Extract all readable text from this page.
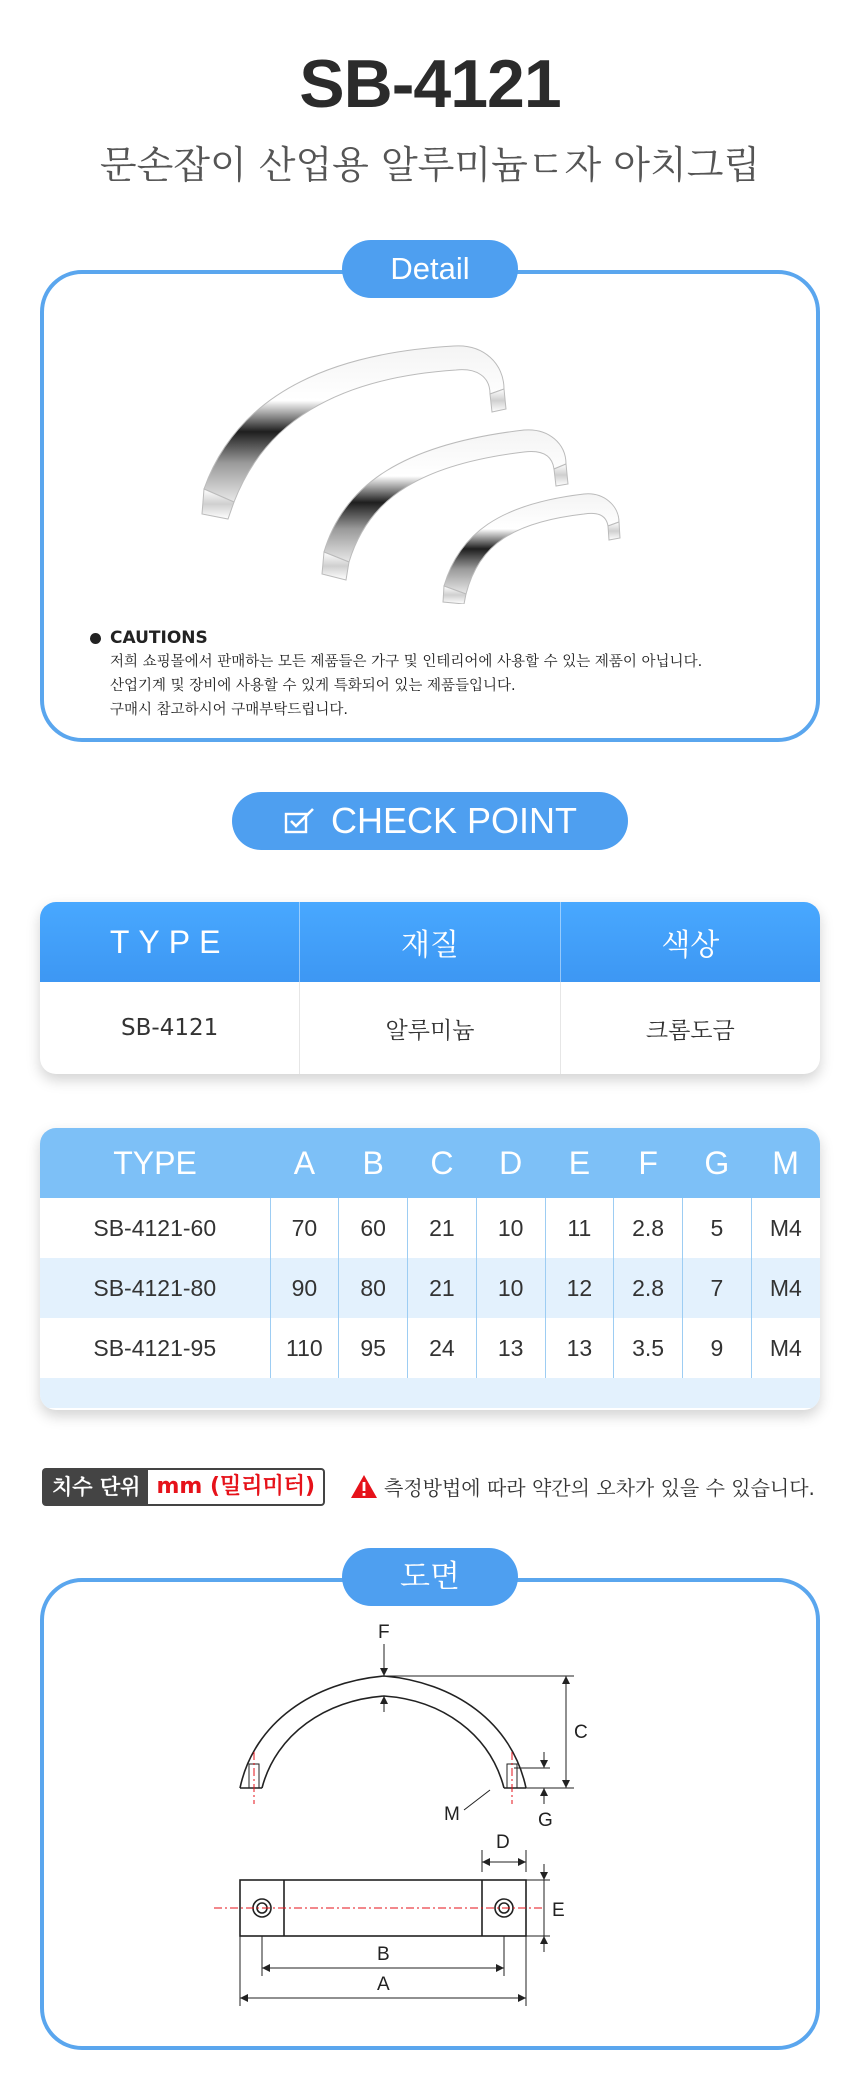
SB-4121
문손잡이 산업용 알루미늄ㄷ자 아치그립
CAUTIONS
저희 쇼핑몰에서 판매하는 모든 제품들은 가구 및 인테리어에 사용할 수 있는 제품이 아닙니다.
산업기계 및 장비에 사용할 수 있게 특화되어 있는 제품들입니다.
구매시 참고하시어 구매부탁드립니다.
Detail
CHECK POINT
TYPE	재질	색상
SB-4121	알루미늄	크롬도금
TYPE	A	B	C	D	E	F	G	M
SB-4121-60	70	60	21	10	11	2.8	5	M4
SB-4121-80	90	80	21	10	12	2.8	7	M4
SB-4121-95	110	95	24	13	13	3.5	9	M4
치수 단위 mm (밀리미터)	측정방법에 따라 약간의 오차가 있을 수 있습니다.
F
C
M	G
D
E
B
A
도면
